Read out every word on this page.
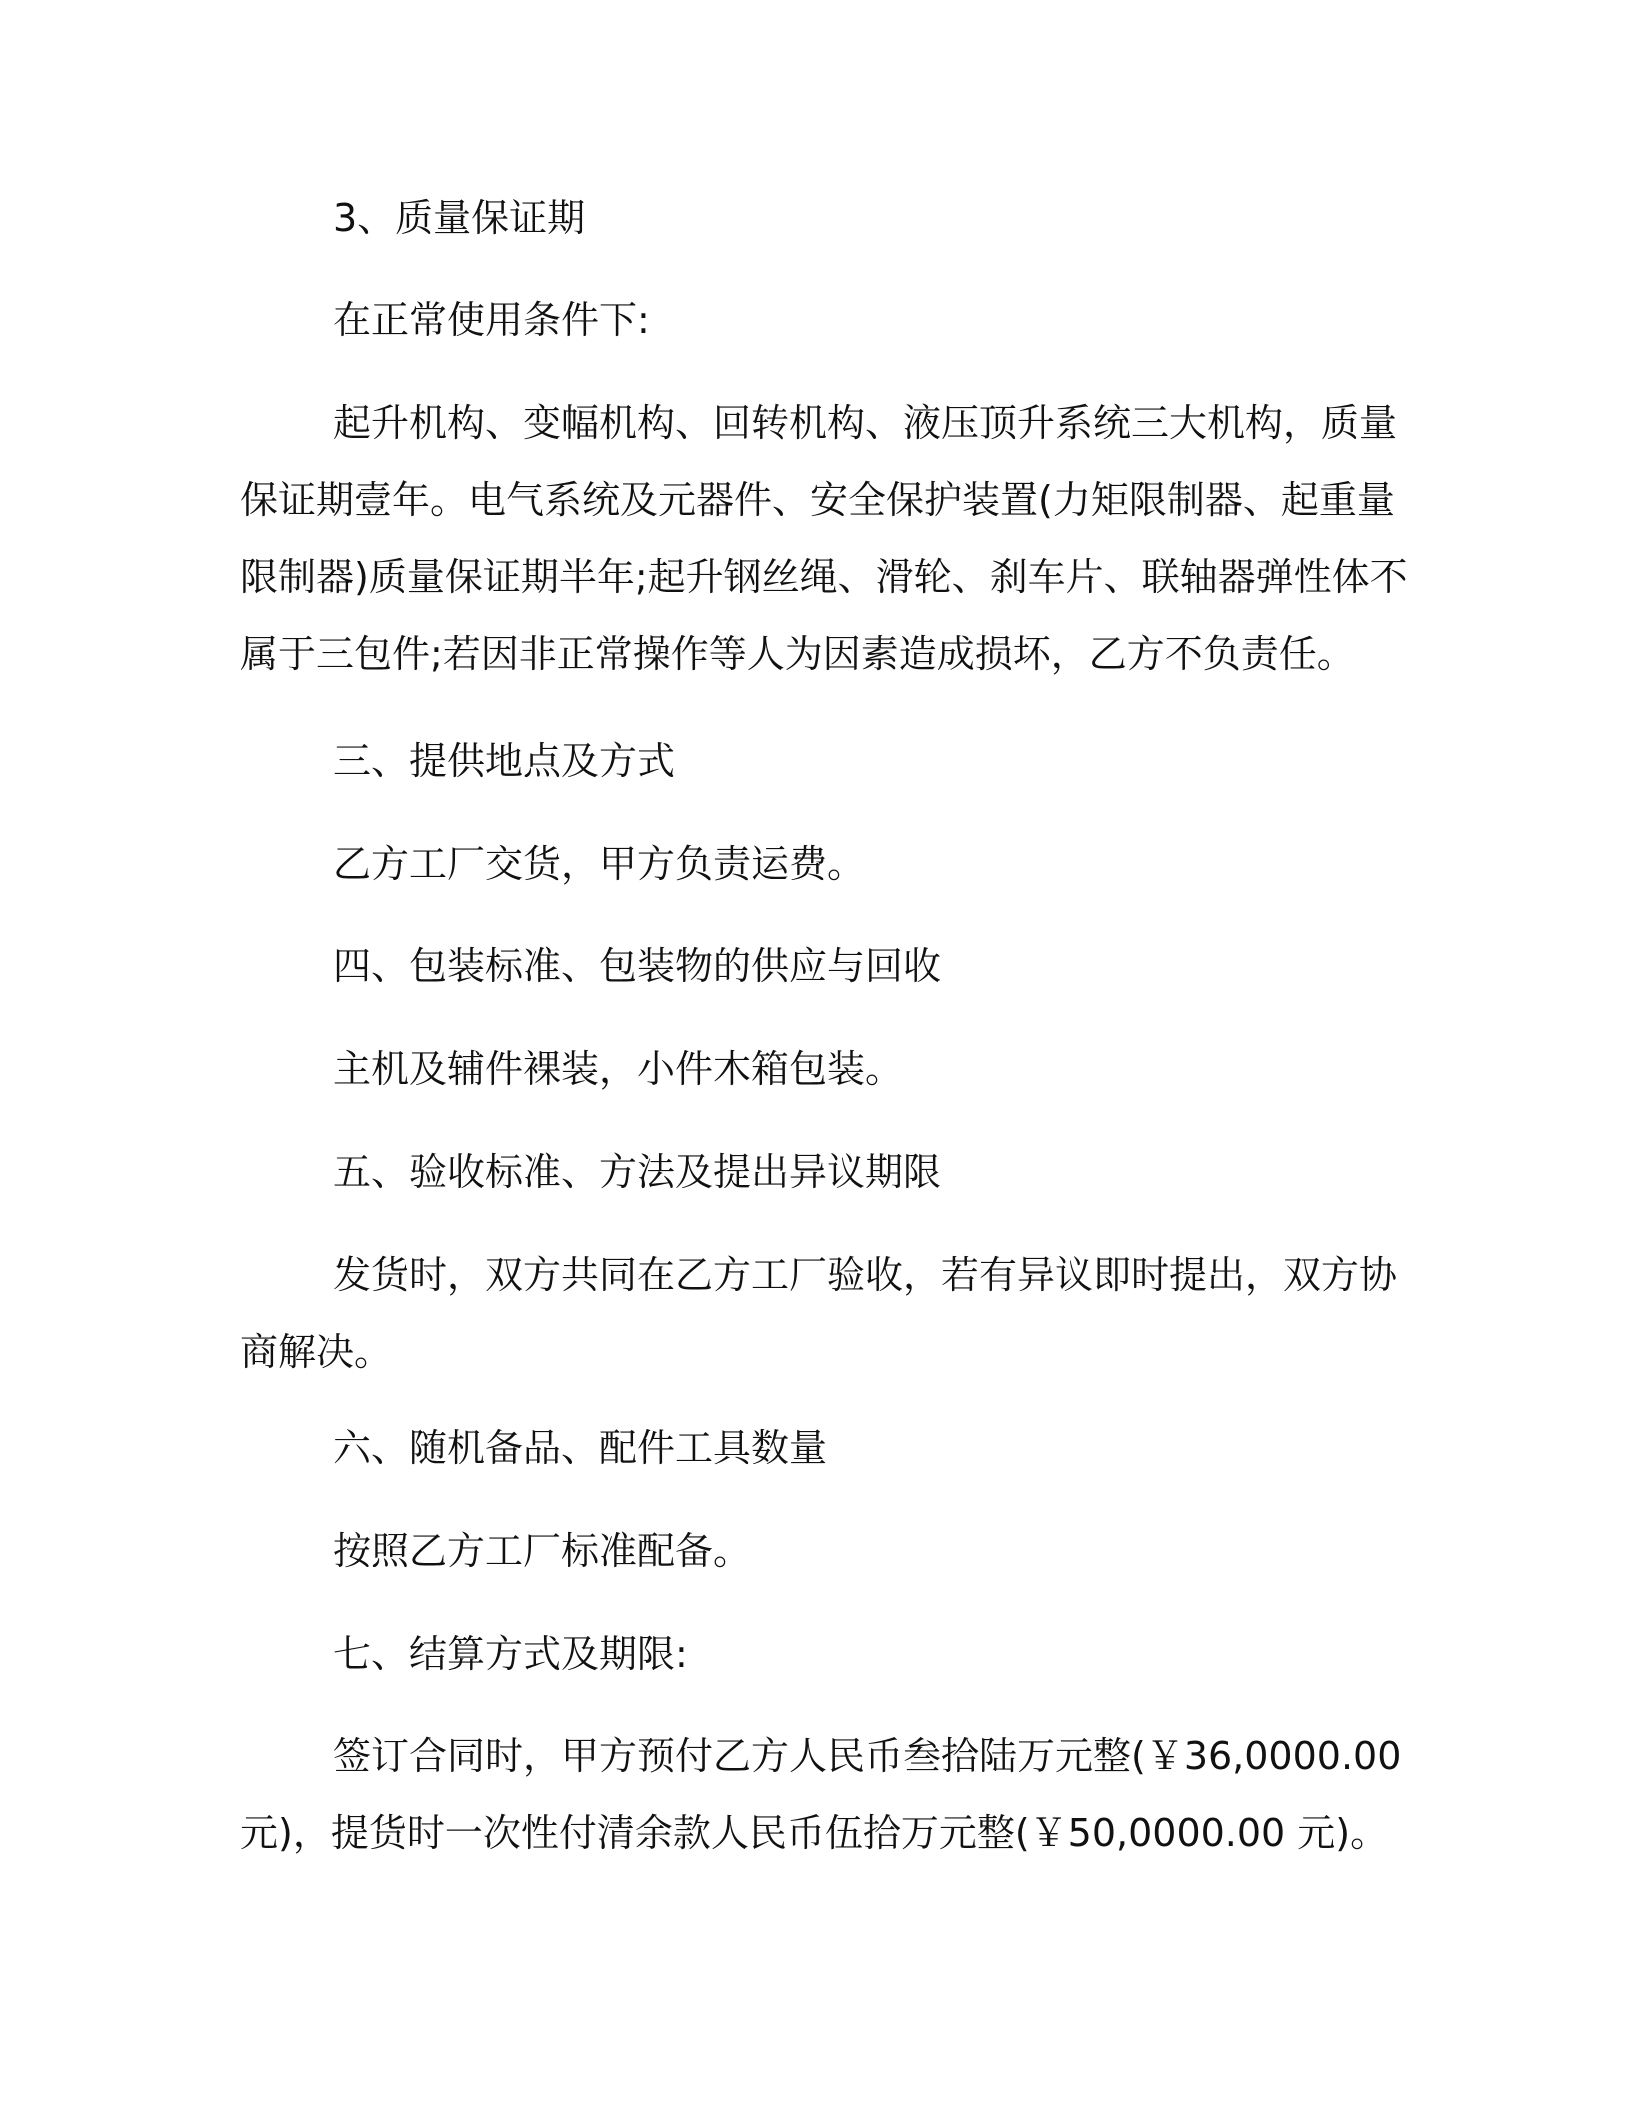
3、质量保证期

在正常使用条件下:

起升机构、变幅机构、回转机构、液压顶升系统三大机构，质量
保证期壹年。电气系统及元器件、安全保护装置(力矩限制器、起重量
限制器)质量保证期半年;起升钢丝绳、滑轮、刹车片、联轴器弹性体不
属于三包件;若因非正常操作等人为因素造成损坏，乙方不负责任。

三、提供地点及方式

乙方工厂交货，甲方负责运费。

四、包装标准、包装物的供应与回收

主机及辅件裸装，小件木箱包装。

五、验收标准、方法及提出异议期限

发货时，双方共同在乙方工厂验收，若有异议即时提出，双方协
商解决。

六、随机备品、配件工具数量

按照乙方工厂标准配备。

七、结算方式及期限:

签订合同时，甲方预付乙方人民币叁拾陆万元整(￥36,0000.00
元)，提货时一次性付清余款人民币伍拾万元整(￥50,0000.00 元)。
